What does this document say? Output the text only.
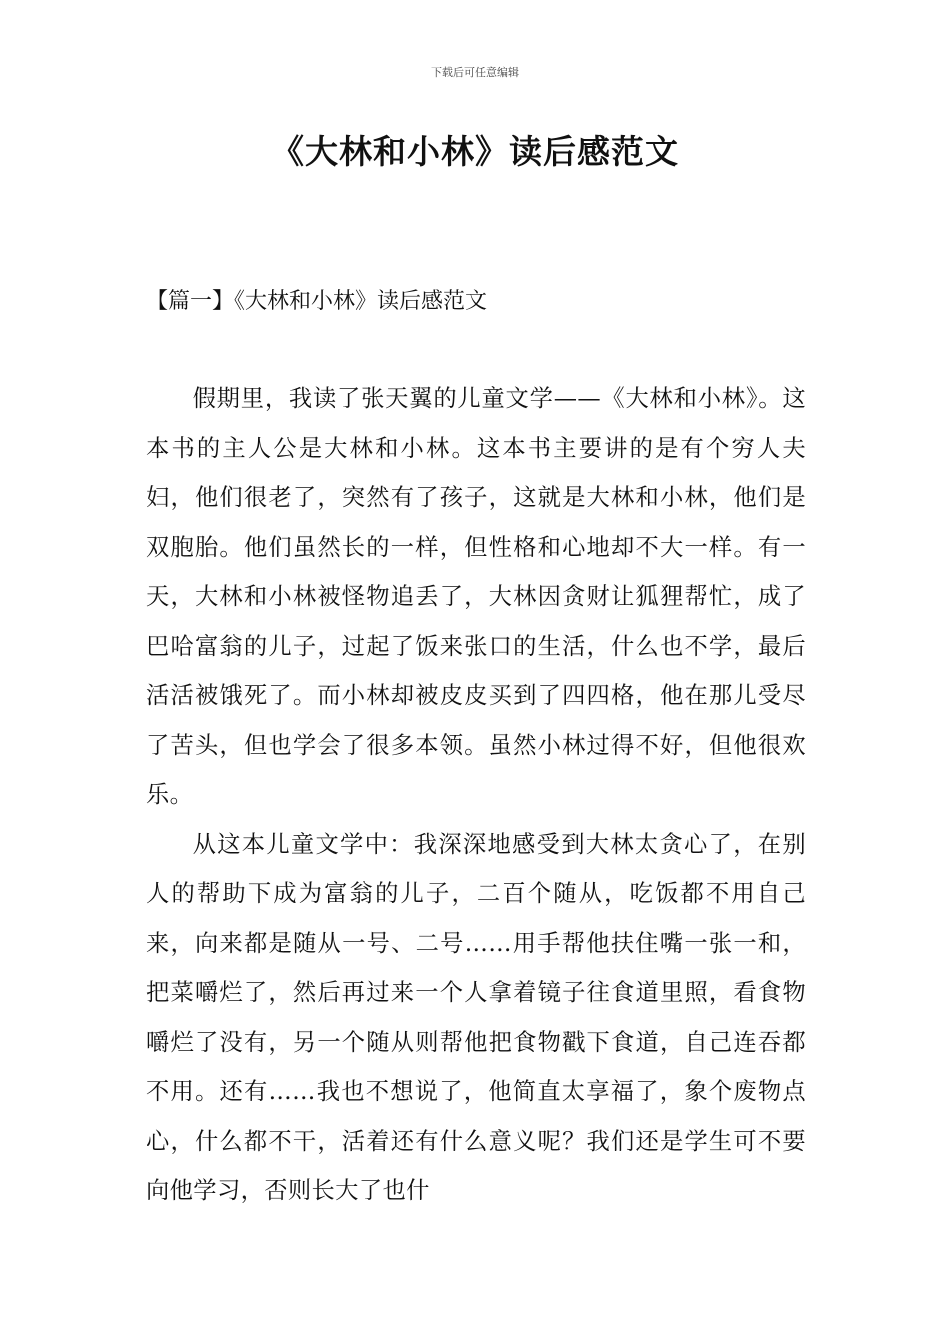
下载后可任意编辑
《大林和小林》读后感范文
【篇一】《大林和小林》读后感范文

假期里，我读了张天翼的儿童文学——《大林和小林》。这本书的主人公是大林和小林。这本书主要讲的是有个穷人夫妇，他们很老了，突然有了孩子，这就是大林和小林，他们是双胞胎。他们虽然长的一样，但性格和心地却不大一样。有一天，大林和小林被怪物追丢了，大林因贪财让狐狸帮忙，成了巴哈富翁的儿子，过起了饭来张口的生活，什么也不学，最后活活被饿死了。而小林却被皮皮买到了四四格，他在那儿受尽了苦头，但也学会了很多本领。虽然小林过得不好，但他很欢乐。

从这本儿童文学中：我深深地感受到大林太贪心了，在别人的帮助下成为富翁的儿子，二百个随从，吃饭都不用自己来，向来都是随从一号、二号……用手帮他扶住嘴一张一和，把菜嚼烂了，然后再过来一个人拿着镜子往食道里照，看食物嚼烂了没有，另一个随从则帮他把食物戳下食道，自己连吞都不用。还有……我也不想说了，他简直太享福了，象个废物点心，什么都不干，活着还有什么意义呢？我们还是学生可不要向他学习，否则长大了也什
